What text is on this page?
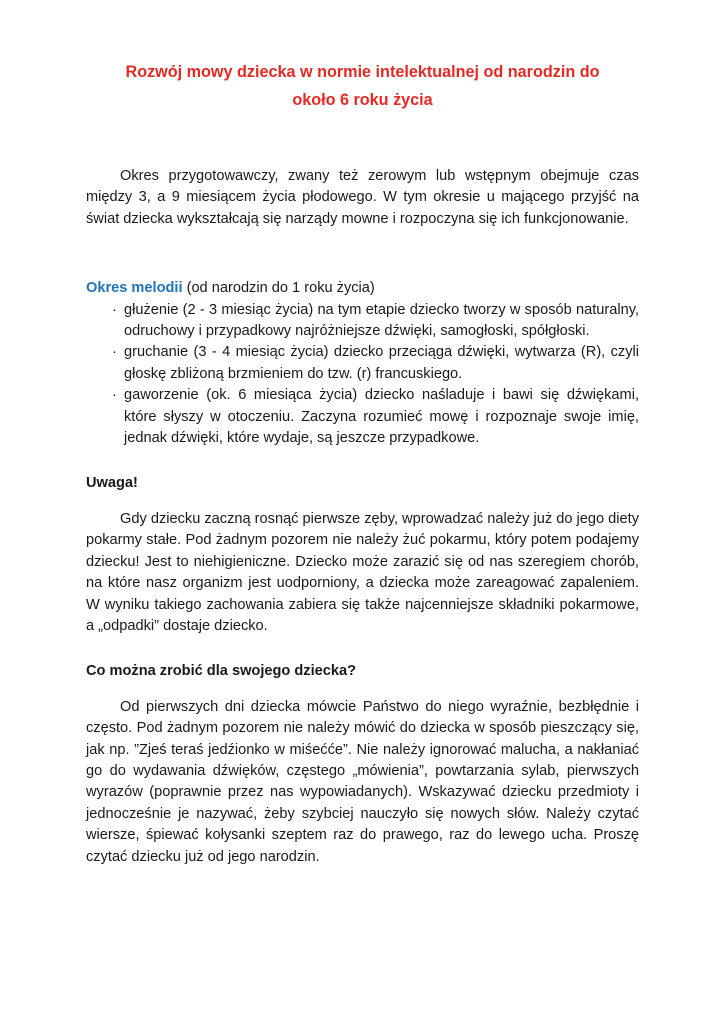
Rozwój mowy dziecka w normie intelektualnej od narodzin do
około 6 roku życia

Okres przygotowawczy, zwany też zerowym lub wstępnym obejmuje czas między 3, a 9 miesiącem życia płodowego. W tym okresie u mającego przyjść na świat dziecka wykształcają się narządy mowne i rozpoczyna się ich funkcjonowanie.

Okres melodii (od narodzin do 1 roku życia)

· głużenie (2 - 3 miesiąc życia) na tym etapie dziecko tworzy w sposób naturalny, odruchowy i przypadkowy najróżniejsze dźwięki, samogłoski, spółgłoski.
· gruchanie (3 - 4 miesiąc życia) dziecko przeciąga dźwięki, wytwarza (R), czyli głoskę zbliżoną brzmieniem do tzw. (r) francuskiego.
· gaworzenie (ok. 6 miesiąca życia) dziecko naśladuje i bawi się dźwiękami, które słyszy w otoczeniu. Zaczyna rozumieć mowę i rozpoznaje swoje imię, jednak dźwięki, które wydaje, są jeszcze przypadkowe.

Uwaga!

Gdy dziecku zaczną rosnąć pierwsze zęby, wprowadzać należy już do jego diety pokarmy stałe. Pod żadnym pozorem nie należy żuć pokarmu, który potem podajemy dziecku! Jest to niehigieniczne. Dziecko może zarazić się od nas szeregiem chorób, na które nasz organizm jest uodporniony, a dziecka może zareagować zapaleniem. W wyniku takiego zachowania zabiera się także najcenniejsze składniki pokarmowe, a „odpadki” dostaje dziecko.

Co można zrobić dla swojego dziecka?

Od pierwszych dni dziecka mówcie Państwo do niego wyraźnie, bezbłędnie i często. Pod żadnym pozorem nie należy mówić do dziecka w sposób pieszczący się, jak np. ”Zjeś teraś jedźionko w miśećće”. Nie należy ignorować malucha, a nakłaniać go do wydawania dźwięków, częstego „mówienia”, powtarzania sylab, pierwszych wyrazów (poprawnie przez nas wypowiadanych). Wskazywać dziecku przedmioty i jednocześnie je nazywać, żeby szybciej nauczyło się nowych słów. Należy czytać wiersze, śpiewać kołysanki szeptem raz do prawego, raz do lewego ucha. Proszę czytać dziecku już od jego narodzin.
